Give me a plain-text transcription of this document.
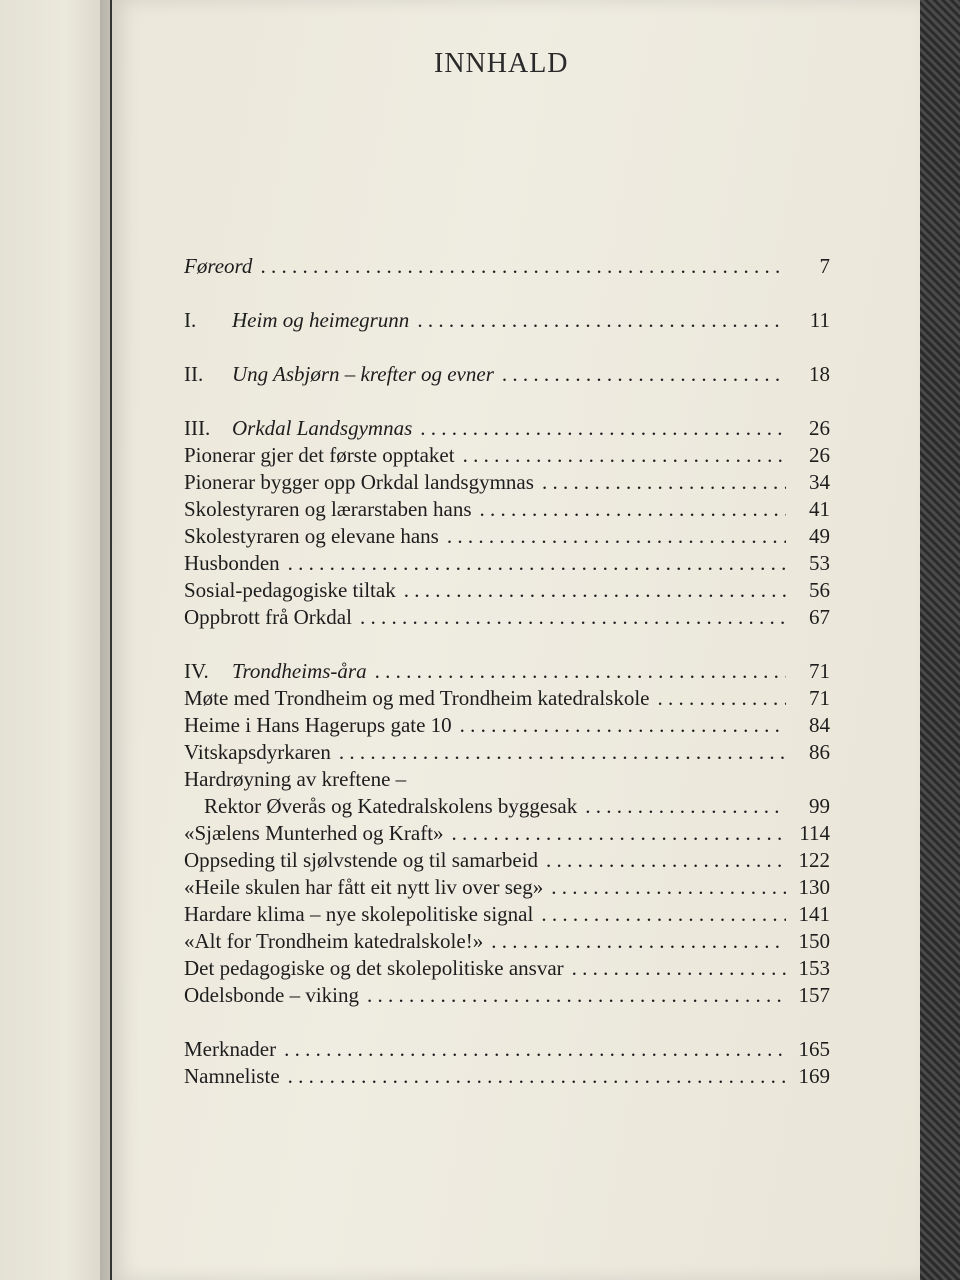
INNHALD
Føreord . . .	7
I.	Heim og heimegrunn . . .	11
II.	Ung Asbjørn – krefter og evner . . .	18
III.	Orkdal Landsgymnas . . .	26
Pionerar gjer det første opptaket . . .	26
Pionerar bygger opp Orkdal landsgymnas . . .	34
Skolestyraren og lærarstaben hans . . .	41
Skolestyraren og elevane hans . . .	49
Husbonden . . .	53
Sosial-pedagogiske tiltak . . .	56
Oppbrott frå Orkdal . . .	67
IV.	Trondheims-åra . . .	71
Møte med Trondheim og med Trondheim katedralskole . . .	71
Heime i Hans Hagerups gate 10 . . .	84
Vitskapsdyrkaren . . .	86
Hardrøyning av kreftene –
Rektor Øverås og Katedralskolens byggesak . . .	99
«Sjælens Munterhed og Kraft» . . .	114
Oppseding til sjølvstende og til samarbeid . . .	122
«Heile skulen har fått eit nytt liv over seg» . . .	130
Hardare klima – nye skolepolitiske signal . . .	141
«Alt for Trondheim katedralskole!» . . .	150
Det pedagogiske og det skolepolitiske ansvar . . .	153
Odelsbonde – viking . . .	157
Merknader . . .	165
Namneliste . . .	169
